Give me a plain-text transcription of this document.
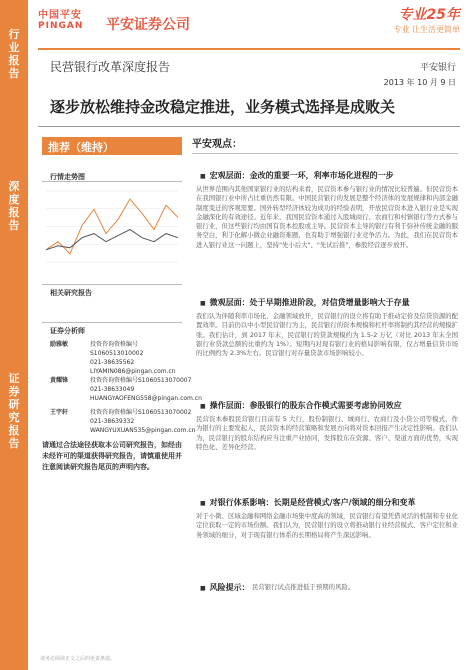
行
业
报
告
深
度
报
告
证
券
研
究
报
告
中国平安
PINGAN	平安证券公司
专业25年
专业 让生活更简单
民营银行改革深度报告	平安银行
2013 年 10 月 9 日
逐步放松维持金改稳定推进，业务模式选择是成败关
推荐（维持）
行情走势图
相关研究报告
证券分析师
励雅敏	投资咨询资格编号S1060513010002
021-38635562
LIYAMIN086@pingan.com.cn
黄耀锋	投资咨询资格编号S1060513070007
021-38633049
HUANGYAOFENG558@pingan.com.cn
王宇轩	投资咨询资格编号S1060513070002
021-38639332
WANGYUXUAN535@pingan.com.cn
请通过合法途径获取本公司研究报告，如经由未经许可的渠道获得研究报告，请慎重使用并注意阅读研究报告尾页的声明内容。
平安观点：
■ 宏观层面：金改的重要一环，利率市场化进程的一步
从世界范围内其他国家银行业的结构来看，民营资本参与银行业的情况比较普遍。但民营资本在我国银行业中所占比重仍然有限。中国民营银行的发展是整个经济体的发展规律和内部金融制度变迁的客观需要。国外转型经济体较为成功的经验表明，开放民营资本进入银行业是实现金融深化的有效途径。近年来，我国民营资本通过入股城商行、农商行和村镇银行等方式参与银行业，但这些银行均由国有资本控股或主导。民营资本主导的银行有利于弥补传统金融的服务空白，利于化解小微企业融资难题，也有助于增强银行业竞争活力。为此，我们在民营资本进入银行业这一问题上，坚持"先小后大"、"先试后推"，参股经营逐步放开。
■ 微观层面：处于早期推进阶段，对信贷增量影响大于存量
我们认为伴随利率市场化、金融领域放开，民营银行的设立将有助于推动定价及信贷资源的配置效率。目前仍以中小型民营银行为主，民营银行的资本规模和杠杆率将制约其经营的规模扩张。我们估计，到 2017 年末，民营银行的贷款规模约为 1.5-2 万亿（对比 2013 年末全国银行业贷款总额的比重约为 1%）。短期内对现有银行业的格局影响有限，仅占增量信贷市场的比例约为 2.3%左右。民营银行对存量贷款市场影响较小。
■ 操作层面：参股银行的股东合作模式需要考虑协同效应
民营资本参股民营银行目前有 5 大行，股份制银行、城商行、农商行及小贷公司等模式，作为银行的主要发起人，民营资本的经营策略和发展方向将对资本回报产生决定性影响。我们认为，民营银行的股东结构应当注重产业协同，发挥股东在资源、客户、渠道方面的优势，实现特色化、差异化经营。
■ 对银行体系影响：长期是经营模式/客户/领域的细分和变革
对于小微、区域金融和网络金融市场集中度高的领域，民营银行有望凭借灵活的机制和专业化定位获取一定的市场份额。我们认为，民营银行的设立将推动银行业经营模式、客户定位和业务领域的细分，对于现有银行体系的长期格局将产生深远影响。
■ 风险提示： 民营银行试点推进低于预期的风险。
请务必阅读正文之后的免责条款。
